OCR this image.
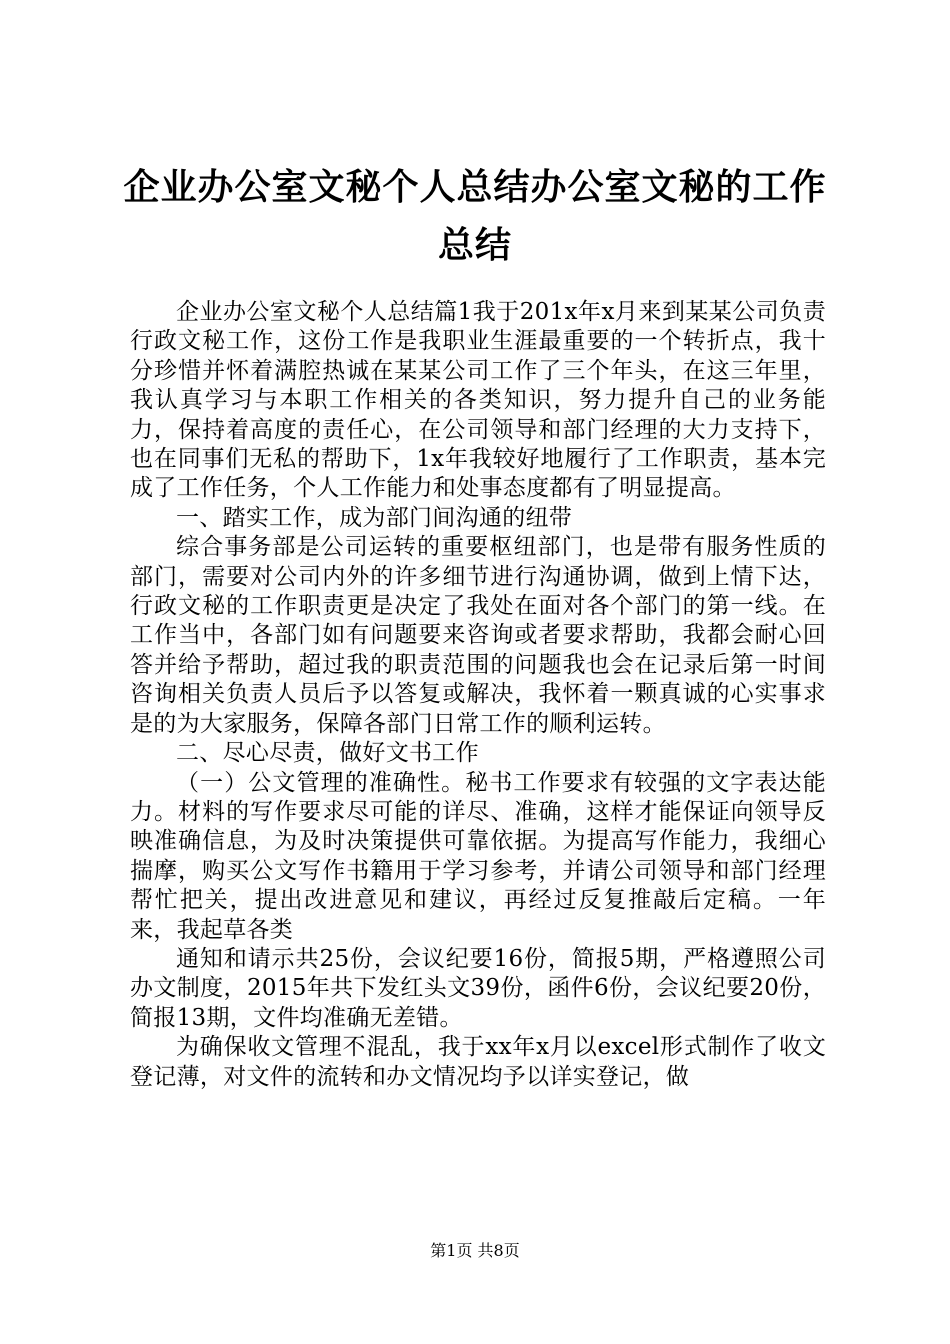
企业办公室文秘个人总结办公室文秘的工作总结

企业办公室文秘个人总结篇1我于201x年x月来到某某公司负责行政文秘工作，这份工作是我职业生涯最重要的一个转折点，我十分珍惜并怀着满腔热诚在某某公司工作了三个年头，在这三年里，我认真学习与本职工作相关的各类知识，努力提升自己的业务能力，保持着高度的责任心，在公司领导和部门经理的大力支持下，也在同事们无私的帮助下，1x年我较好地履行了工作职责，基本完成了工作任务，个人工作能力和处事态度都有了明显提高。

一、踏实工作，成为部门间沟通的纽带

综合事务部是公司运转的重要枢纽部门，也是带有服务性质的部门，需要对公司内外的许多细节进行沟通协调，做到上情下达，行政文秘的工作职责更是决定了我处在面对各个部门的第一线。在工作当中，各部门如有问题要来咨询或者要求帮助，我都会耐心回答并给予帮助，超过我的职责范围的问题我也会在记录后第一时间咨询相关负责人员后予以答复或解决，我怀着一颗真诚的心实事求是的为大家服务，保障各部门日常工作的顺利运转。

二、尽心尽责，做好文书工作

（一）公文管理的准确性。秘书工作要求有较强的文字表达能力。材料的写作要求尽可能的详尽、准确，这样才能保证向领导反映准确信息，为及时决策提供可靠依据。为提高写作能力，我细心揣摩，购买公文写作书籍用于学习参考，并请公司领导和部门经理帮忙把关，提出改进意见和建议，再经过反复推敲后定稿。一年来，我起草各类

通知和请示共25份，会议纪要16份，简报5期，严格遵照公司办文制度，2015年共下发红头文39份，函件6份，会议纪要20份，简报13期，文件均准确无差错。

为确保收文管理不混乱，我于xx年x月以excel形式制作了收文登记薄，对文件的流转和办文情况均予以详实登记，做

第1页 共8页
